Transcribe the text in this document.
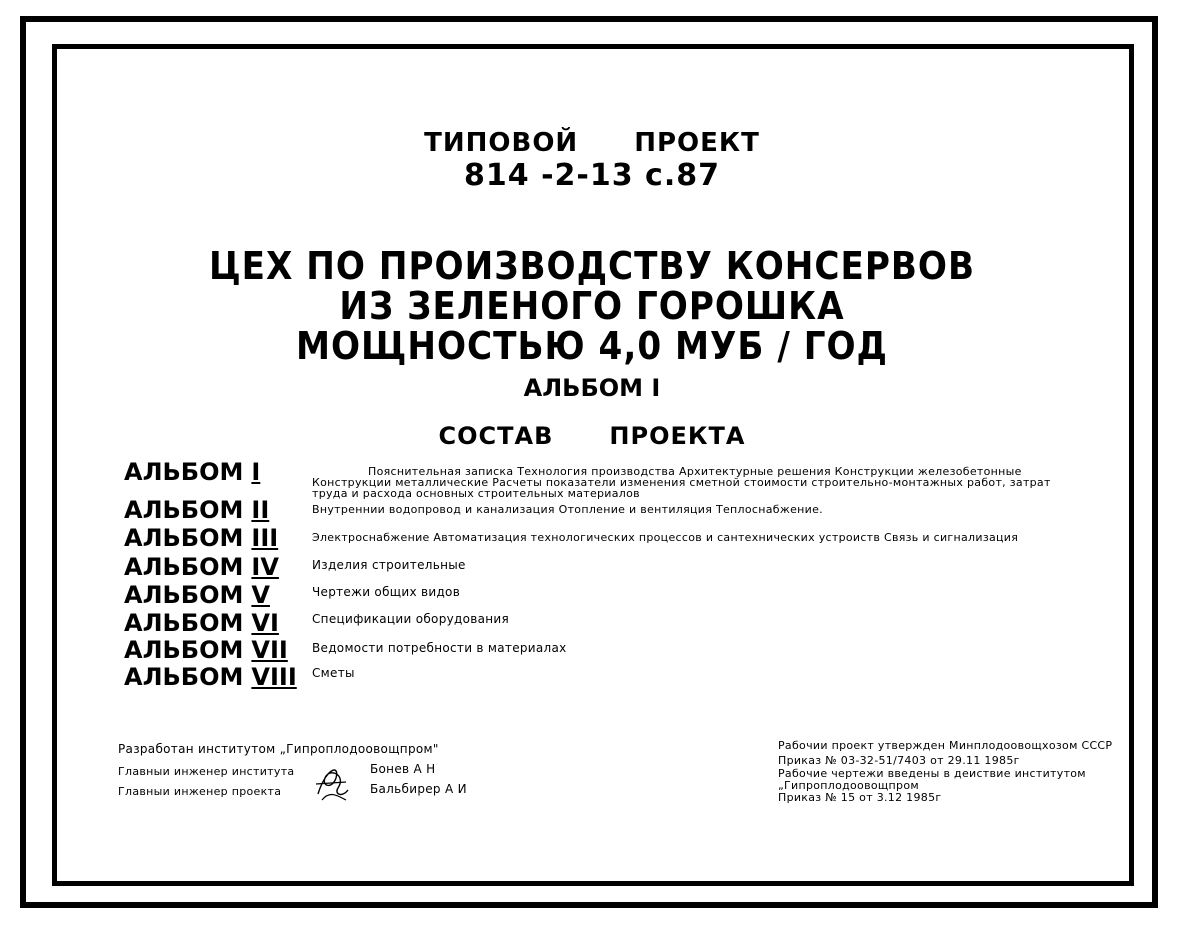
ТИПОВОЙ ПРОЕКТ
814 -2-13 с.87
ЦЕХ ПО ПРОИЗВОДСТВУ КОНСЕРВОВ
ИЗ ЗЕЛЕНОГО ГОРОШКА
МОЩНОСТЬЮ 4,0 МУБ / ГОД
АЛЬБОМ I
СОСТАВ ПРОЕКТА
АЛЬБОМ I	Пояснительная записка Технология производства Архитектурные решения Конструкции железобетонные Конструкции металлические Расчеты показатели изменения сметной стоимости строительно-монтажных работ, затрат труда и расхода основных строительных материалов
АЛЬБОМ II	Внутреннии водопровод и канализация Отопление и вентиляция Теплоснабжение.
АЛЬБОМ III	Электроснабжение Автоматизация технологических процессов и сантехнических устроиств Связь и сигнализация
АЛЬБОМ IV	Изделия строительные
АЛЬБОМ V	Чертежи общих видов
АЛЬБОМ VI	Спецификации оборудования
АЛЬБОМ VII Ведомости потребности в материалах
АЛЬБОМ VIII Сметы
Разработан институтом „Гипроплодоовощпром"
Главныи инженер института	Бонев А Н
Главныи инженер проекта	Бальбирер А И
Рабочии проект утвержден Минплодоовощхозом СССР
Приказ № 03-32-51/7403 от 29.11 1985г
Рабочие чертежи введены в деиствие институтом
„Гипроплодоовощпром
Приказ № 15 от 3.12 1985г
